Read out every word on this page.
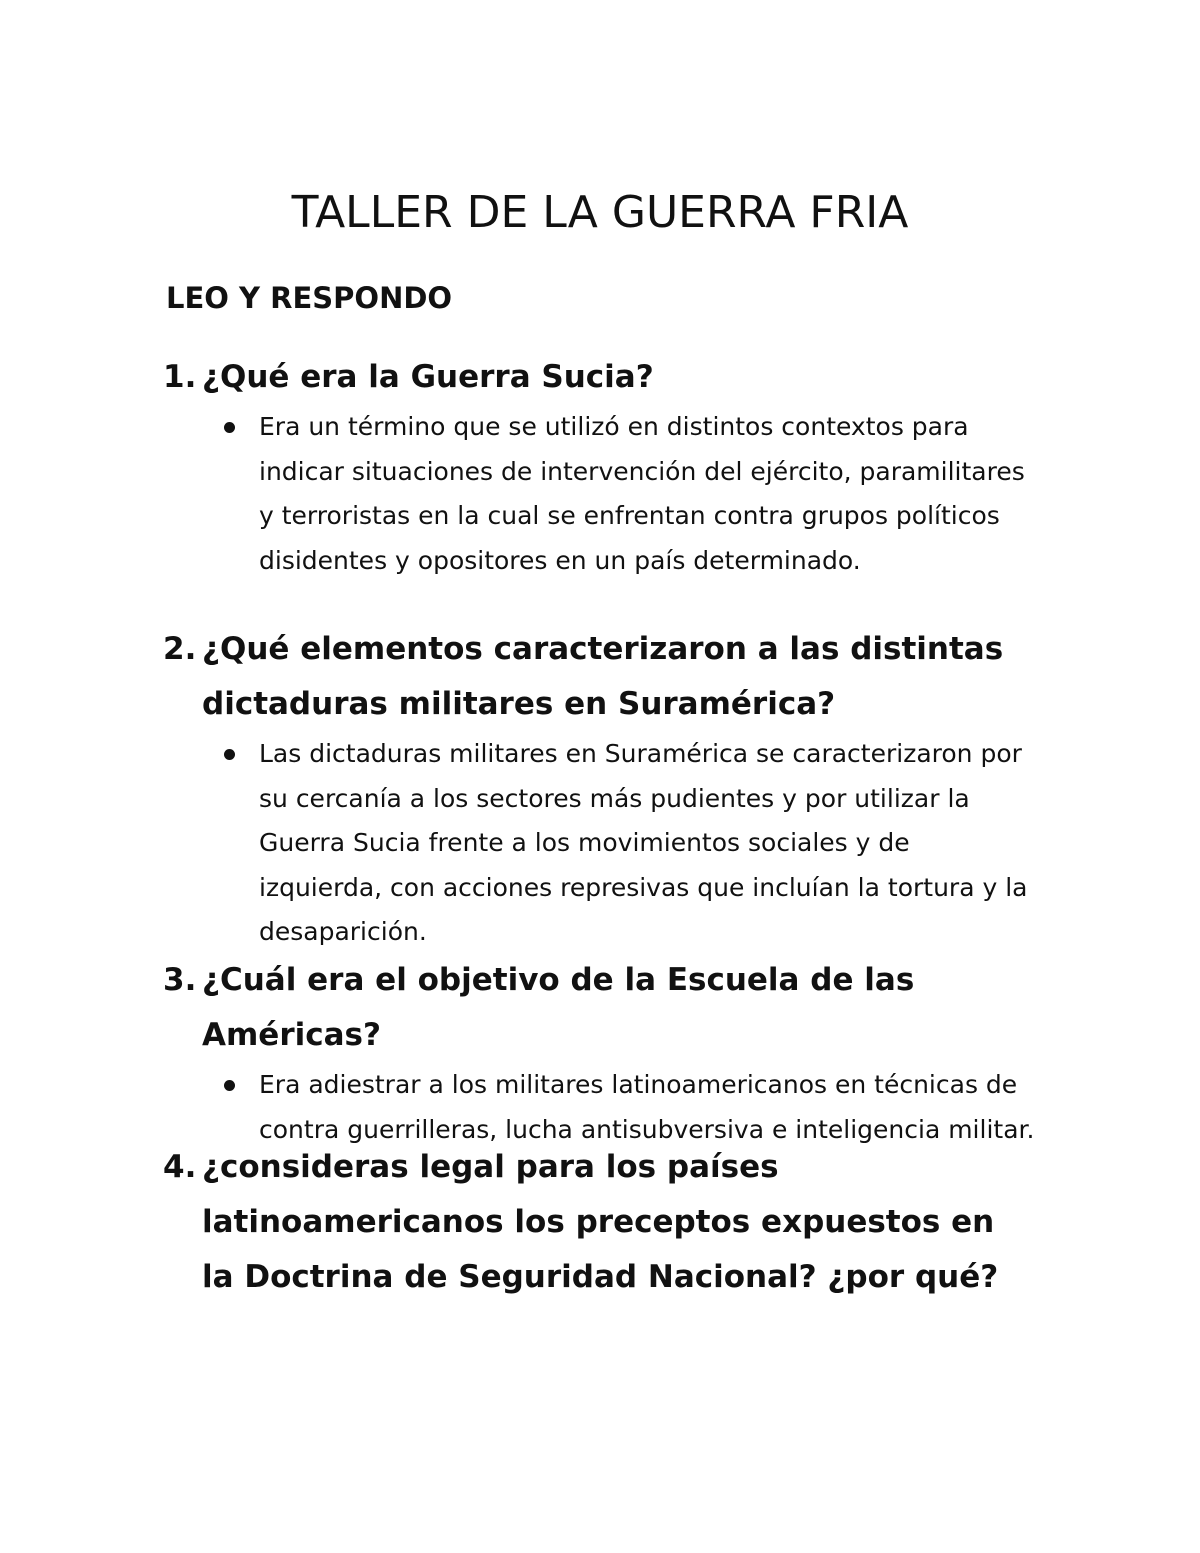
TALLER DE LA GUERRA FRIA
LEO Y RESPONDO

1. ¿Qué era la Guerra Sucia?

Era un término que se utilizó en distintos contextos para indicar situaciones de intervención del ejército, paramilitares y terroristas en la cual se enfrentan contra grupos políticos disidentes y opositores en un país determinado.

2. ¿Qué elementos caracterizaron a las distintas dictaduras militares en Suramérica?

Las dictaduras militares en Suramérica se caracterizaron por su cercanía a los sectores más pudientes y por utilizar la Guerra Sucia frente a los movimientos sociales y de izquierda, con acciones represivas que incluían la tortura y la desaparición.

3. ¿Cuál era el objetivo de la Escuela de las Américas?

Era adiestrar a los militares latinoamericanos en técnicas de contra guerrilleras, lucha antisubversiva e inteligencia militar.

4. ¿consideras legal para los países latinoamericanos los preceptos expuestos en la Doctrina de Seguridad Nacional? ¿por qué?
